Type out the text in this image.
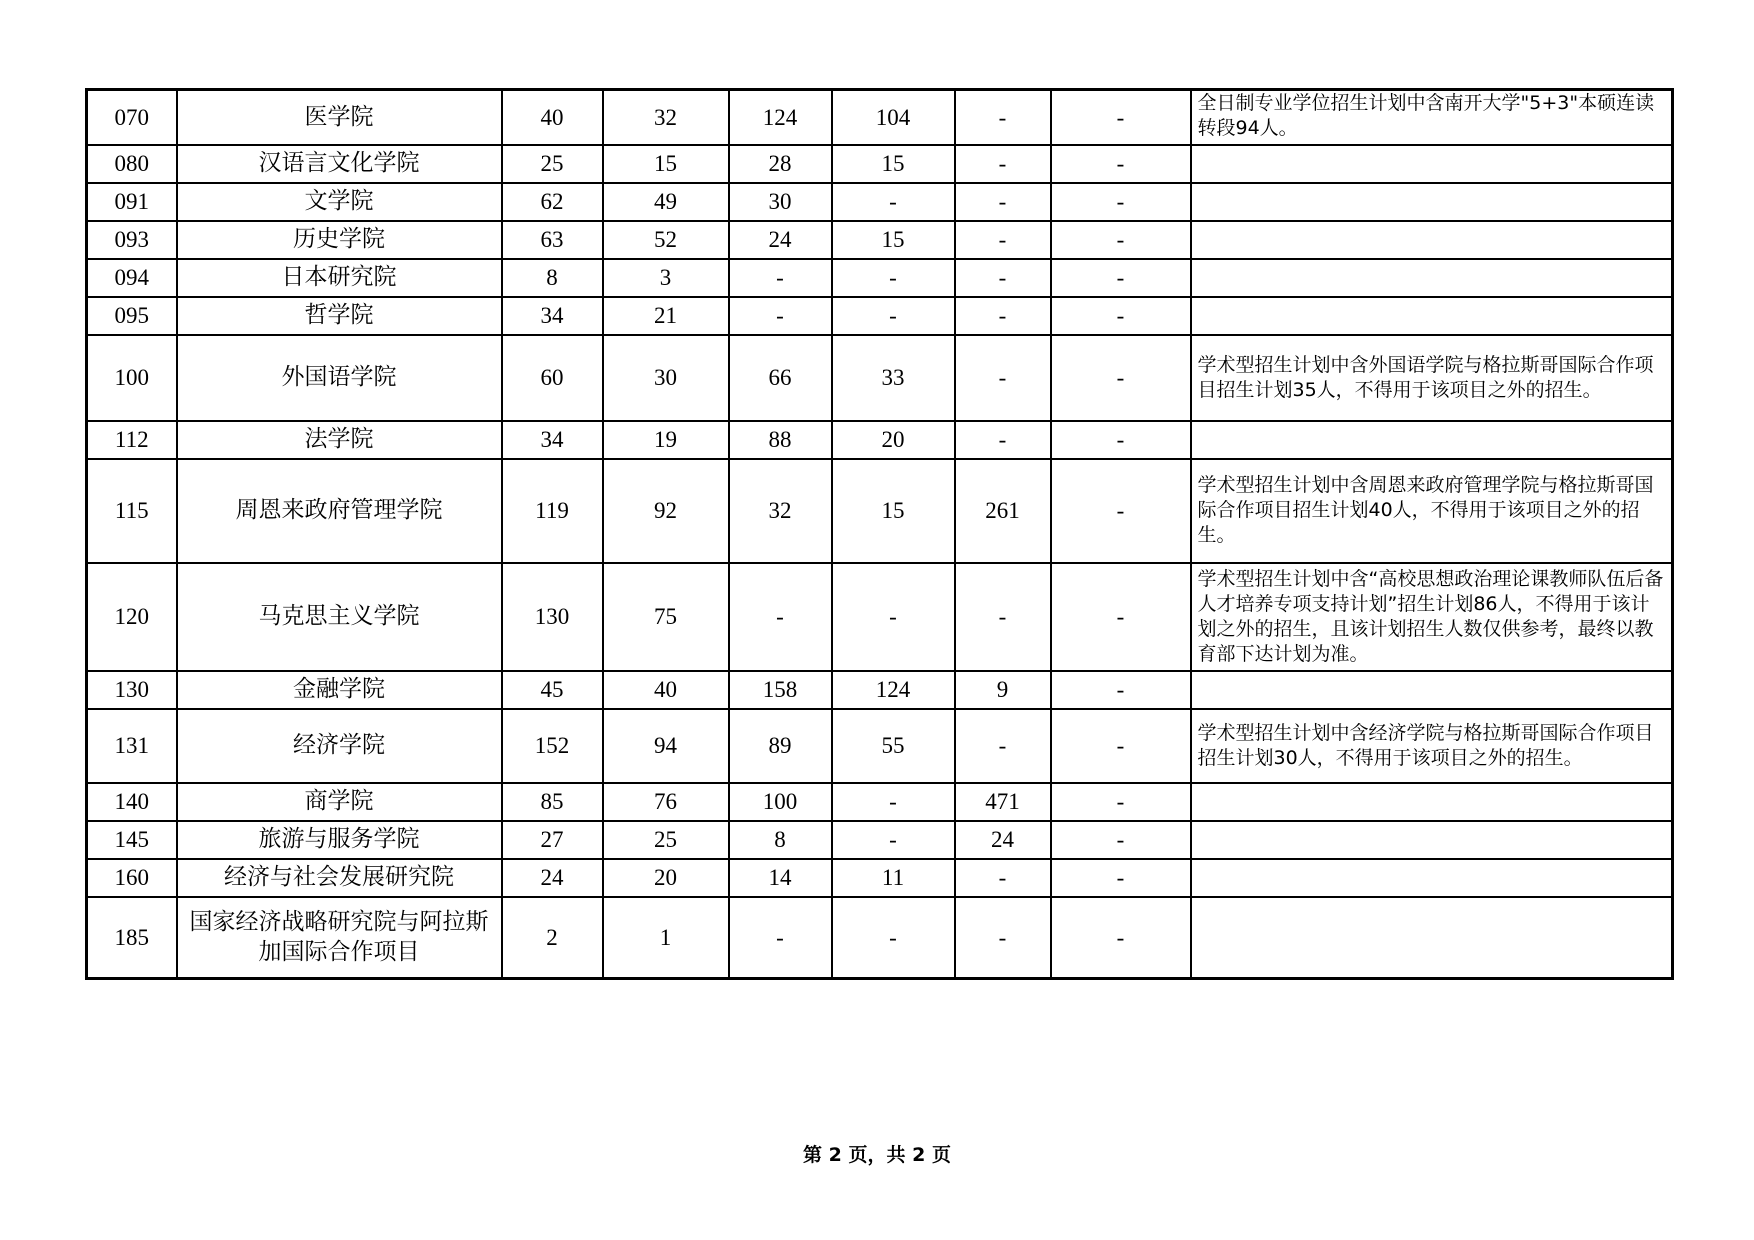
070	医学院	40	32	124	104	-	-	全日制专业学位招生计划中含南开大学"5+3"本硕连读转段94人。
080	汉语言文化学院	25	15	28	15	-	-	
091	文学院	62	49	30	-	-	-	
093	历史学院	63	52	24	15	-	-	
094	日本研究院	8	3	-	-	-	-	
095	哲学院	34	21	-	-	-	-	
100	外国语学院	60	30	66	33	-	-	学术型招生计划中含外国语学院与格拉斯哥国际合作项目招生计划35人，不得用于该项目之外的招生。
112	法学院	34	19	88	20	-	-	
115	周恩来政府管理学院	119	92	32	15	261	-	学术型招生计划中含周恩来政府管理学院与格拉斯哥国际合作项目招生计划40人，不得用于该项目之外的招生。
120	马克思主义学院	130	75	-	-	-	-	学术型招生计划中含“高校思想政治理论课教师队伍后备人才培养专项支持计划”招生计划86人，不得用于该计划之外的招生，且该计划招生人数仅供参考，最终以教育部下达计划为准。
130	金融学院	45	40	158	124	9	-	
131	经济学院	152	94	89	55	-	-	学术型招生计划中含经济学院与格拉斯哥国际合作项目招生计划30人，不得用于该项目之外的招生。
140	商学院	85	76	100	-	471	-	
145	旅游与服务学院	27	25	8	-	24	-	
160	经济与社会发展研究院	24	20	14	11	-	-	
185	国家经济战略研究院与阿拉斯加国际合作项目	2	1	-	-	-	-	
第 2 页，共 2 页
